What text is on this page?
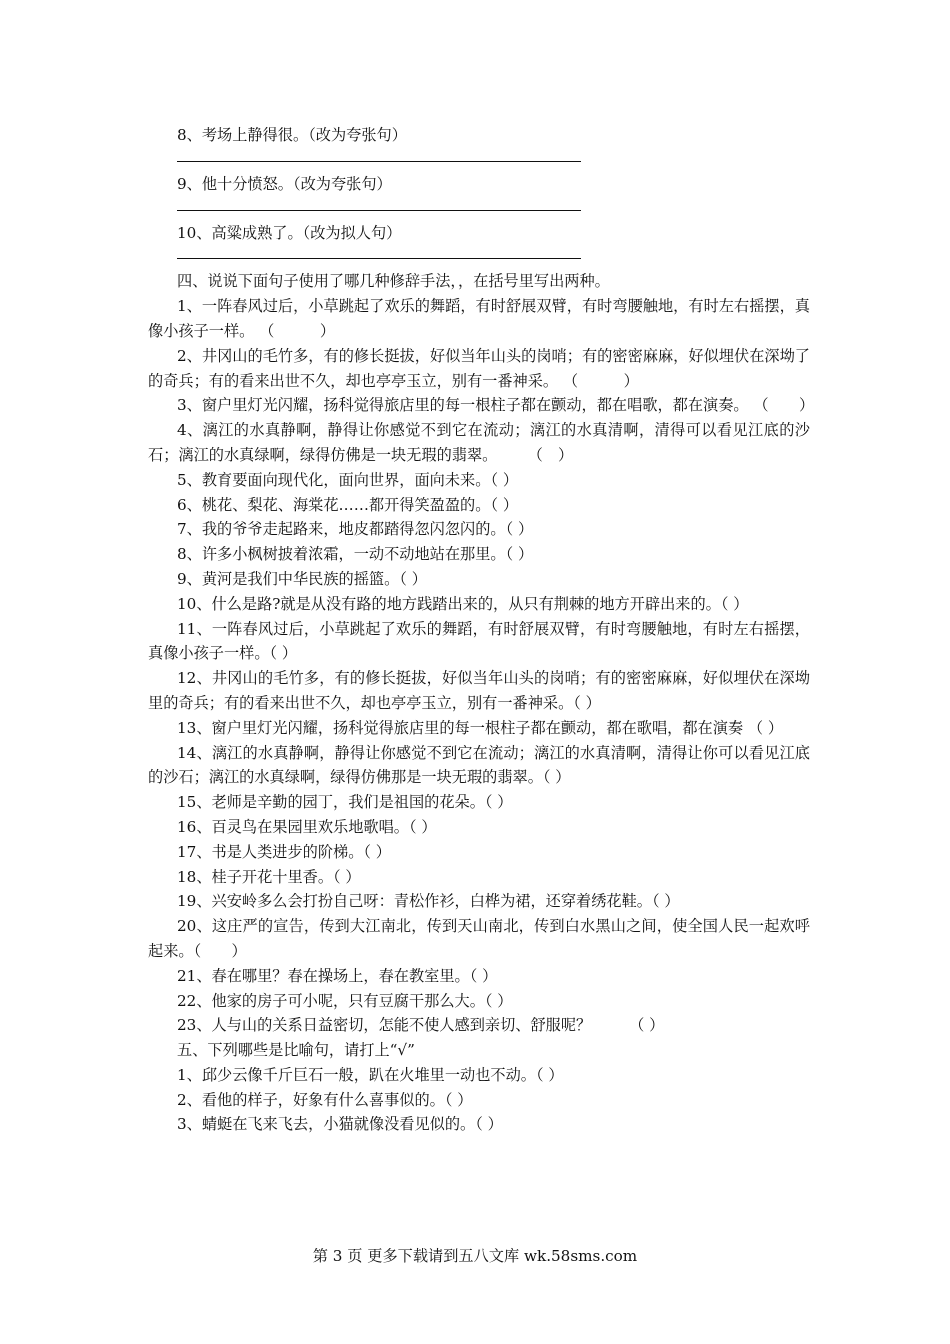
8、考场上静得很。（改为夸张句）

9、他十分愤怒。（改为夸张句）

10、高粱成熟了。（改为拟人句）

四、说说下面句子使用了哪几种修辞手法，，在括号里写出两种。

1、一阵春风过后，小草跳起了欢乐的舞蹈，有时舒展双臂，有时弯腰触地，有时左右摇摆，真像小孩子一样。 （　　　）

2、井冈山的毛竹多，有的修长挺拔，好似当年山头的岗哨；有的密密麻麻，好似埋伏在深坳了的奇兵；有的看来出世不久，却也亭亭玉立，别有一番神采。 （　　　）

3、窗户里灯光闪耀，扬科觉得旅店里的每一根柱子都在颤动，都在唱歌，都在演奏。 （　　）

4、漓江的水真静啊，静得让你感觉不到它在流动；漓江的水真清啊，清得可以看见江底的沙石；漓江的水真绿啊，绿得仿佛是一块无瑕的翡翠。　　　（　）

5、教育要面向现代化，面向世界，面向未来。（ ）

6、桃花、梨花、海棠花……都开得笑盈盈的。（ ）

7、我的爷爷走起路来，地皮都踏得忽闪忽闪的。（ ）

8、许多小枫树披着浓霜，一动不动地站在那里。（ ）

9、黄河是我们中华民族的摇篮。（ ）

10、什么是路?就是从没有路的地方践踏出来的，从只有荆棘的地方开辟出来的。（ ）

11、一阵春风过后，小草跳起了欢乐的舞蹈，有时舒展双臂，有时弯腰触地，有时左右摇摆，真像小孩子一样。（ ）

12、井冈山的毛竹多，有的修长挺拔，好似当年山头的岗哨；有的密密麻麻，好似埋伏在深坳里的奇兵；有的看来出世不久，却也亭亭玉立，别有一番神采。（ ）

13、窗户里灯光闪耀，扬科觉得旅店里的每一根柱子都在颤动，都在歌唱，都在演奏 （ ）

14、漓江的水真静啊，静得让你感觉不到它在流动；漓江的水真清啊，清得让你可以看见江底的沙石；漓江的水真绿啊，绿得仿佛那是一块无瑕的翡翠。（ ）

15、老师是辛勤的园丁，我们是祖国的花朵。（ ）

16、百灵鸟在果园里欢乐地歌唱。（ ）

17、书是人类进步的阶梯。（ ）

18、桂子开花十里香。（ ）

19、兴安岭多么会打扮自己呀：青松作衫，白桦为裙，还穿着绣花鞋。（ ）

20、这庄严的宣告，传到大江南北，传到天山南北，传到白水黑山之间，使全国人民一起欢呼起来。（　　）

21、春在哪里？春在操场上，春在教室里。（ ）

22、他家的房子可小呢，只有豆腐干那么大。（ ）

23、人与山的关系日益密切，怎能不使人感到亲切、舒服呢？　　　（ ）

五、下列哪些是比喻句，请打上“√”

1、邱少云像千斤巨石一般，趴在火堆里一动也不动。（ ）

2、看他的样子，好象有什么喜事似的。（ ）

3、蜻蜓在飞来飞去，小猫就像没看见似的。（ ）

第 3 页 更多下载请到五八文库 wk.58sms.com
